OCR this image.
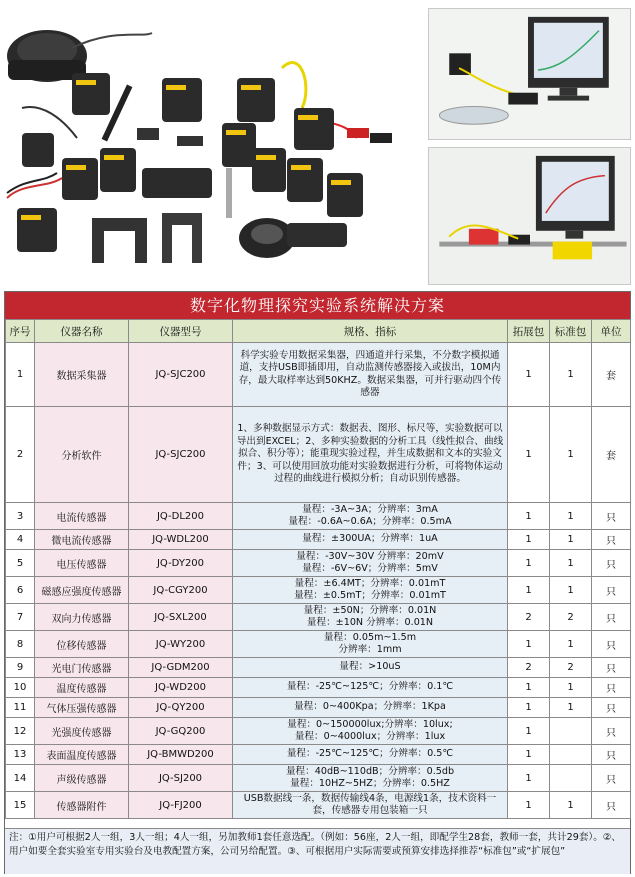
数字化物理探究实验系统解决方案
序号	仪器名称	仪器型号	规格、指标	拓展包	标准包	单位
1	数据采集器	JQ-SJC200	科学实验专用数据采集器，四通道并行采集，不分数字模拟通道，支持USB即插即用，自动监测传感器接入或拔出，10M内存，最大取样率达到50KHZ。数据采集器，可并行驱动四个传感器	1	1	套
2	分析软件	JQ-SJC200	1、多种数据显示方式：数据表、图形、标尺等，实验数据可以导出到EXCEL；2、多种实验数据的分析工具（线性拟合、曲线拟合、积分等）；能重现实验过程，并生成数据和文本的实验文件；3、可以使用回放功能对实验数据进行分析，可将物体运动过程的曲线进行模拟分析；自动识别传感器。	1	1	套
3	电流传感器	JQ-DL200	量程：-3A~3A；分辨率：3mA
量程：-0.6A~0.6A；分辨率：0.5mA	1	1	只
4	微电流传感器	JQ-WDL200	量程：±300UA；分辨率：1uA	1	1	只
5	电压传感器	JQ-DY200	量程：-30V~30V 分辨率：20mV
量程：-6V~6V；分辨率：5mV	1	1	只
6	磁感应强度传感器	JQ-CGY200	量程：±6.4MT；分辨率：0.01mT
量程：±0.5mT；分辨率：0.01mT	1	1	只
7	双向力传感器	JQ-SXL200	量程：±50N；分辨率：0.01N
量程：±10N 分辨率：0.01N	2	2	只
8	位移传感器	JQ-WY200	量程：0.05m~1.5m
分辨率：1mm	1	1	只
9	光电门传感器	JQ-GDM200	量程：>10uS	2	2	只
10	温度传感器	JQ-WD200	量程：-25℃~125℃；分辨率：0.1℃	1	1	只
11	气体压强传感器	JQ-QY200	量程：0~400Kpa；分辨率：1Kpa	1	1	只
12	光强度传感器	JQ-GQ200	量程：0~150000lux;分辨率：10lux;
量程：0~4000lux；分辨率：1lux	1		只
13	表面温度传感器	JQ-BMWD200	量程：-25℃~125℃；分辨率：0.5℃	1		只
14	声级传感器	JQ-SJ200	量程：40dB~110dB；分辨率：0.5db
量程：10HZ~5HZ；分辨率：0.5HZ	1		只
15	传感器附件	JQ-FJ200	USB数据线一条，数据传输线4条，电源线1条，技术资料一套，传感器专用包装箱一只	1	1	只
注：①用户可根据2人一组，3人一组；4人一组，另加教师1套任意选配。（例如：56座，2人一组，即配学生28套，教师一套，共计29套）。②、用户如要全套实验室专用实验台及电教配置方案，公司另给配置。③、可根据用户实际需要或预算安排选择推荐“标准包”或“扩展包”
